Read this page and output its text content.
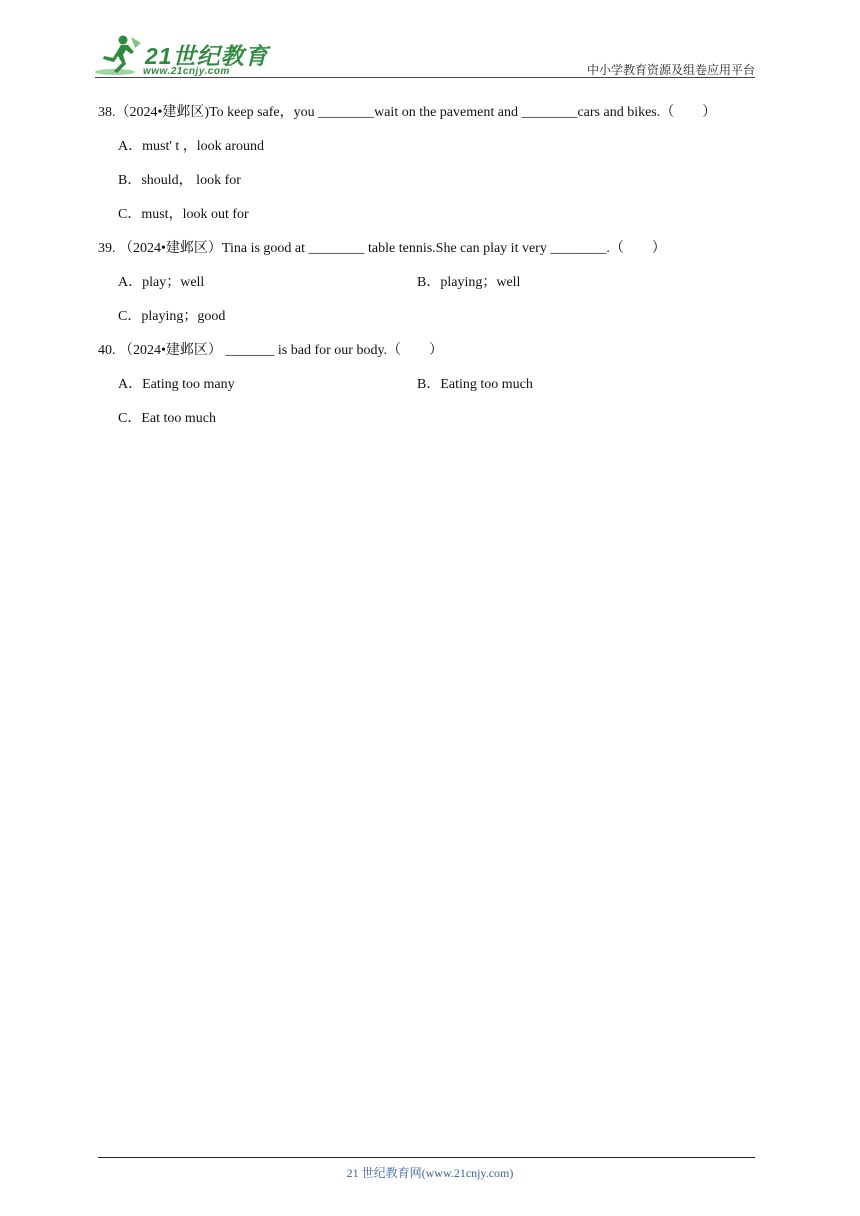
21世纪教育
www.21cnjy.com	中小学教育资源及组卷应用平台
38.（2024•建邺区)To keep safe，you ________wait on the pavement and ________cars and bikes.（　　）
A．must' t ，look around
B．should， look for
C．must，look out for
39. （2024•建邺区）Tina is good at ________ table tennis.She can play it very ________.（　　）
A．play；well	B．playing；well
C．playing；good
40. （2024•建邺区） _______ is bad for our body.（　　）
A．Eating too many	B．Eating too much
C．Eat too much
21 世纪教育网(www.21cnjy.com)
